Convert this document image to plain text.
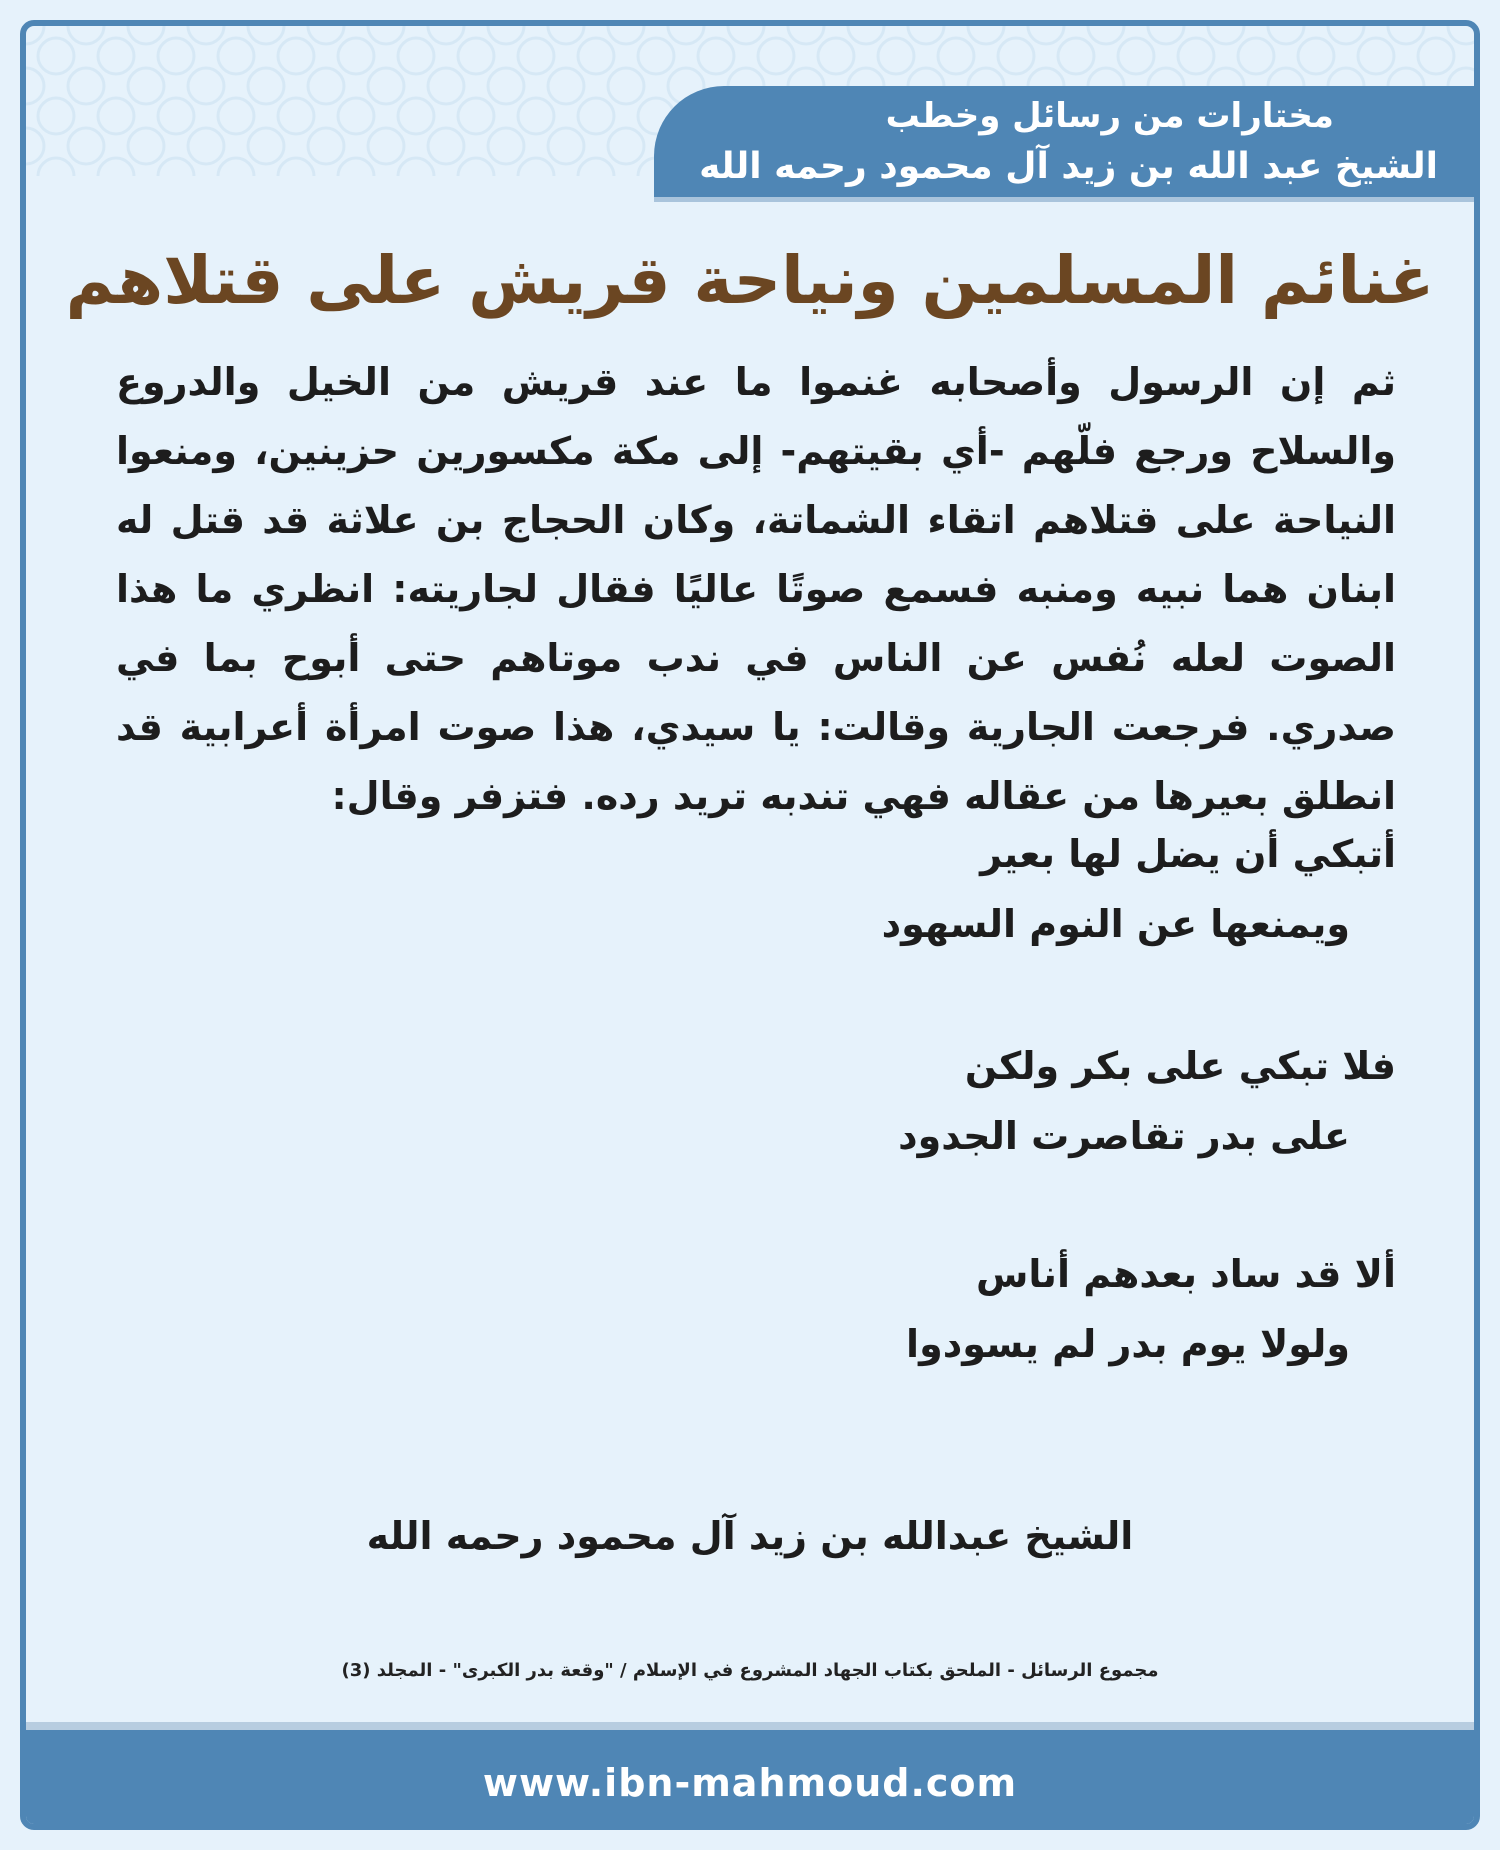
مختارات من رسائل وخطب
الشيخ عبد الله بن زيد آل محمود رحمه الله
غنائم المسلمين ونياحة قريش على قتلاهم

ثم إن الرسول وأصحابه غنموا ما عند قريش من الخيل والدروع والسلاح ورجع فلّهم -أي بقيتهم- إلى مكة مكسورين حزينين، ومنعوا النياحة على قتلاهم اتقاء الشماتة، وكان الحجاج بن علاثة قد قتل له ابنان هما نبيه ومنبه فسمع صوتًا عاليًا فقال لجاريته: انظري ما هذا الصوت لعله نُفس عن الناس في ندب موتاهم حتى أبوح بما في صدري. فرجعت الجارية وقالت: يا سيدي، هذا صوت امرأة أعرابية قد انطلق بعيرها من عقاله فهي تندبه تريد رده. فتزفر وقال:

أتبكي أن يضل لها بعير
ويمنعها عن النوم السهود
فلا تبكي على بكر ولكن
على بدر تقاصرت الجدود
ألا قد ساد بعدهم أناس
ولولا يوم بدر لم يسودوا
الشيخ عبدالله بن زيد آل محمود رحمه الله
مجموع الرسائل - الملحق بكتاب الجهاد المشروع في الإسلام / "وقعة بدر الكبرى" - المجلد (3)
www.ibn-mahmoud.com
